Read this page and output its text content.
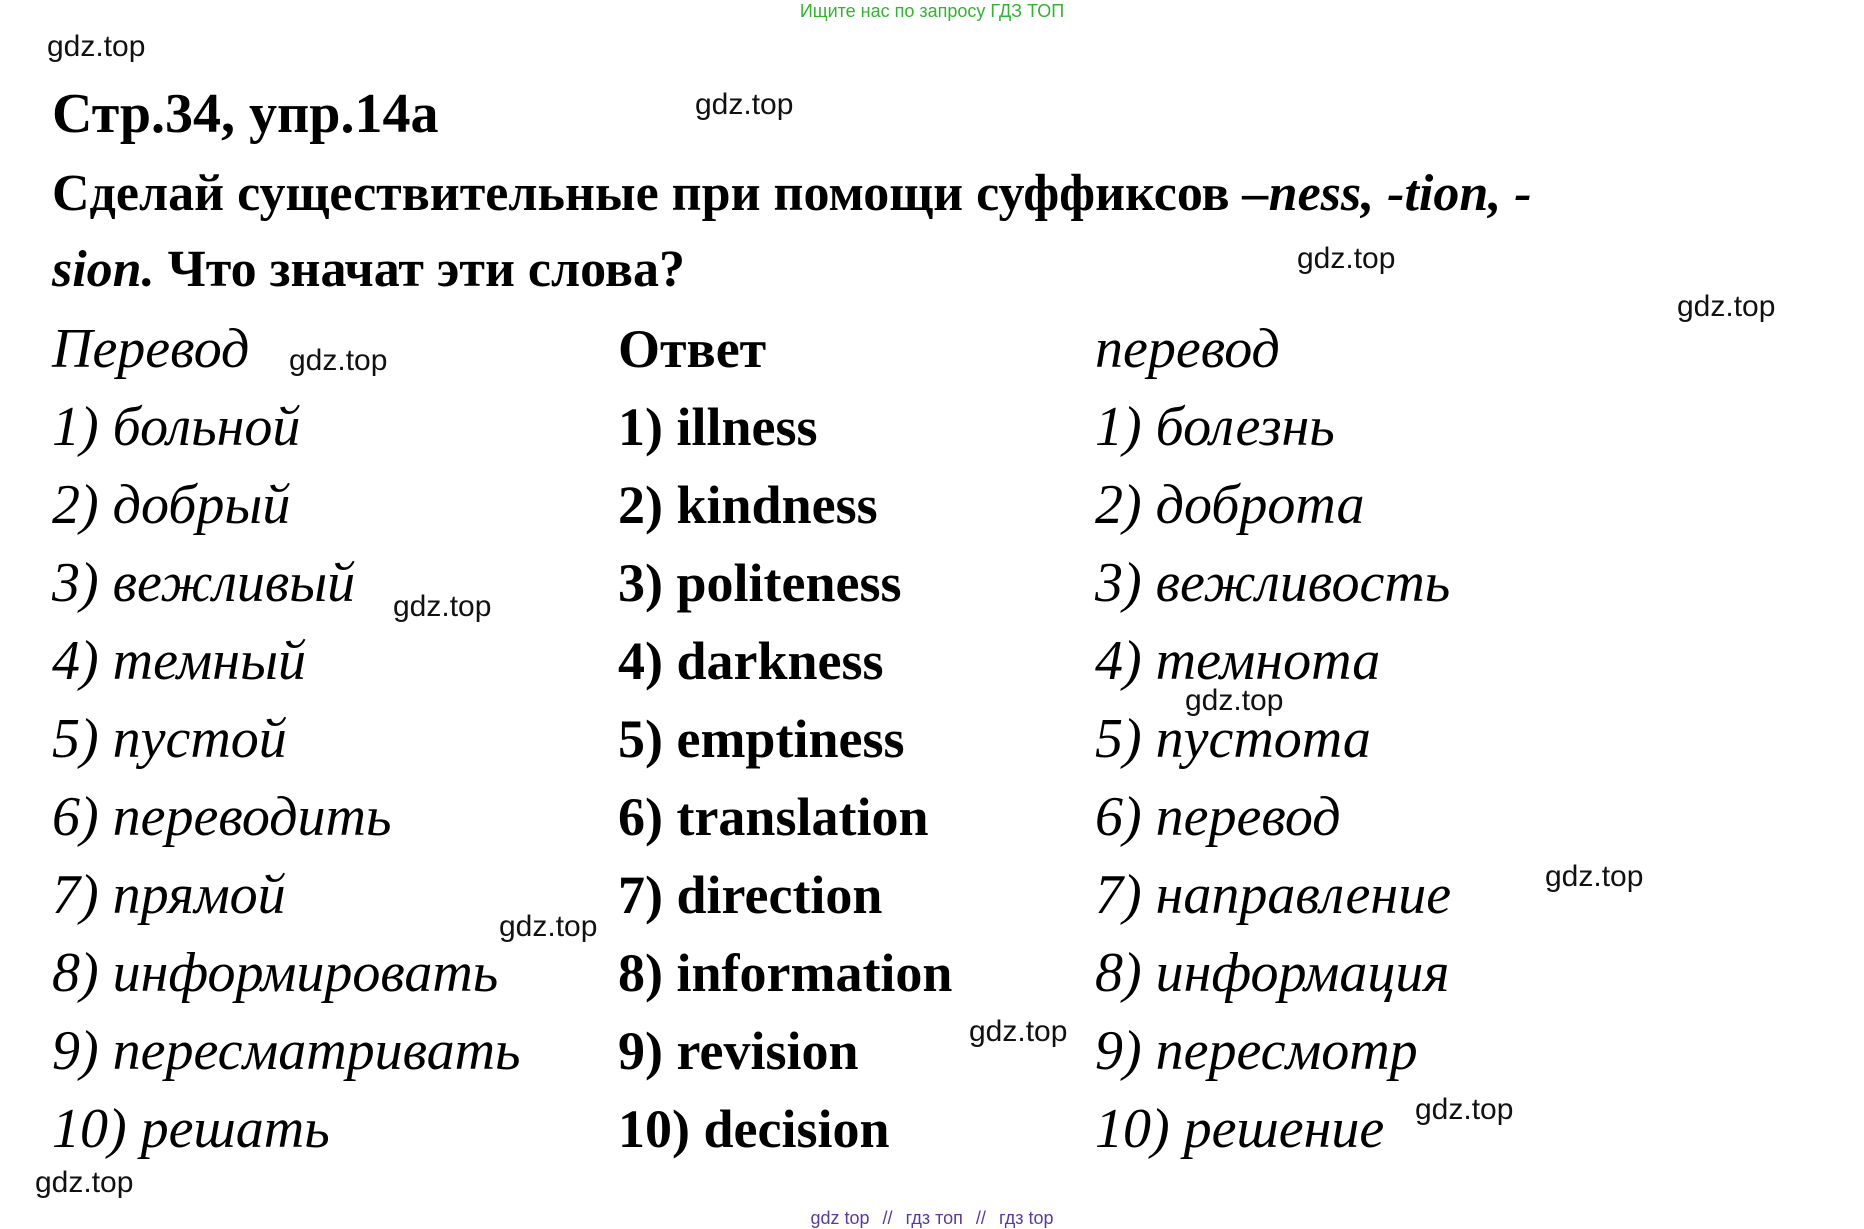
Ищите нас по запросу ГДЗ ТОП
gdz.top
gdz.top
gdz.top
gdz.top
gdz.top
gdz.top
gdz.top
gdz.top
gdz.top
gdz.top
gdz.top
gdz.top
Стр.34, упр.14а
Сделай существительные при помощи суффиксов –ness, -tion, -
sion. Что значат эти слова?
Перевод
1) больной
2) добрый
3) вежливый
4) темный
5) пустой
6) переводить
7) прямой
8) информировать
9) пересматривать
10) решать
Ответ
1) illness
2) kindness
3) politeness
4) darkness
5) emptiness
6) translation
7) direction
8) information
9) revision
10) decision
перевод
1) болезнь
2) доброта
3) вежливость
4) темнота
5) пустота
6) перевод
7) направление
8) информация
9) пересмотр
10) решение
gdz top // гдз топ // гдз top
